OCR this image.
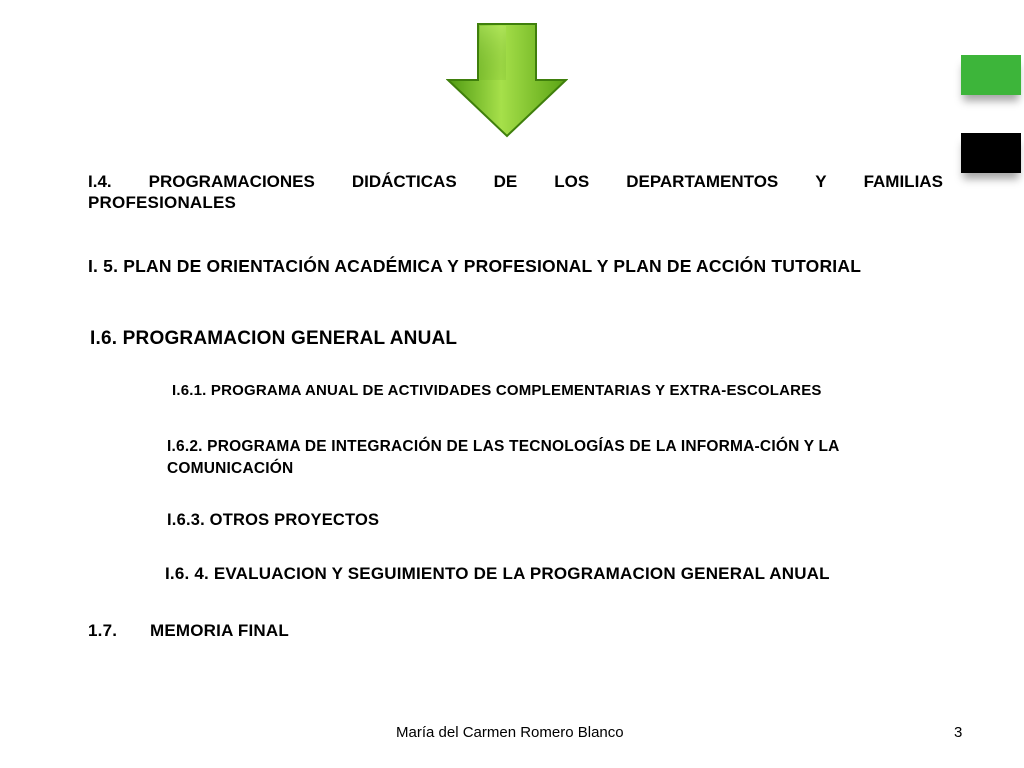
I.4. PROGRAMACIONES DIDÁCTICAS DE LOS DEPARTAMENTOS Y FAMILIAS
PROFESIONALES
I. 5. PLAN DE ORIENTACIÓN ACADÉMICA Y PROFESIONAL Y PLAN DE ACCIÓN TUTORIAL
I.6. PROGRAMACION GENERAL ANUAL
I.6.1. PROGRAMA ANUAL DE ACTIVIDADES COMPLEMENTARIAS Y EXTRA-ESCOLARES
I.6.2. PROGRAMA DE INTEGRACIÓN DE LAS TECNOLOGÍAS DE LA INFORMA-CIÓN Y LA
COMUNICACIÓN
I.6.3. OTROS PROYECTOS
I.6. 4. EVALUACION Y SEGUIMIENTO DE LA PROGRAMACION GENERAL ANUAL
1.7. MEMORIA FINAL
María del Carmen Romero Blanco	3
